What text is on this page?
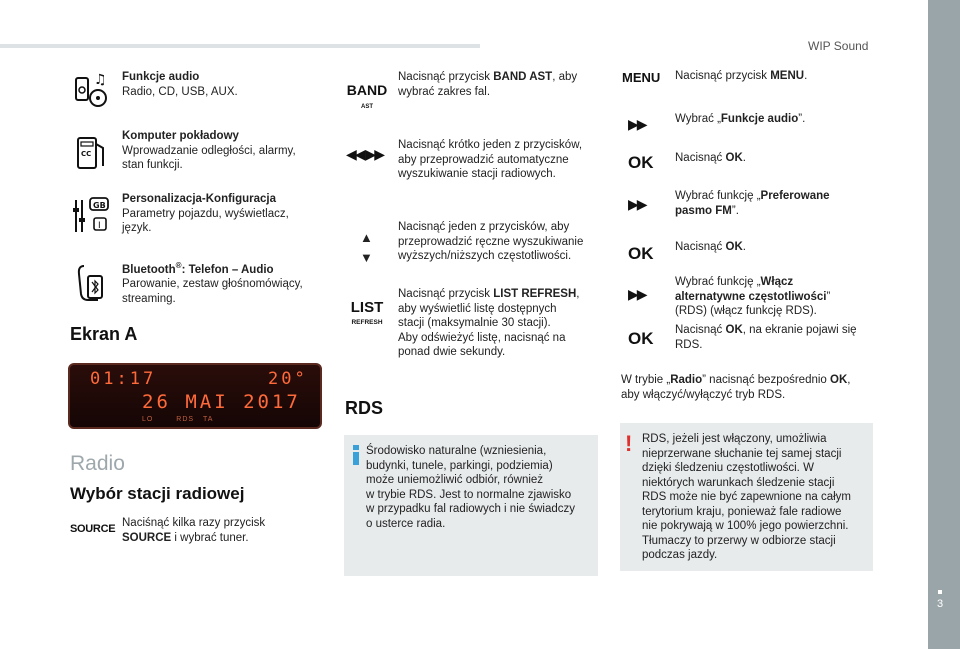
WIP Sound
3
♫ Funkcje audio
Radio, CD, USB, AUX.
CC
Komputer pokładowy
Wprowadzanie odległości, alarmy,
stan funkcji.
GB
I
Personalizacja-Konfiguracja
Parametry pojazdu, wyświetlacz,
język.
Bluetooth®: Telefon – Audio
Parowanie, zestaw głośnomówiący,
streaming.
Ekran A
01:17	20°
26 MAI 2017
LO	RDS TA
Radio
Wybór stacji radiowej
SOURCE Naciśnąć kilka razy przycisk
SOURCE i wybrać tuner.
BAND
AST
Nacisnąć przycisk BAND AST, aby
wybrać zakres fal.
◀◀ ▶▶
Nacisnąć krótko jeden z przycisków,
aby przeprowadzić automatyczne
wyszukiwanie stacji radiowych.
▲
▼
Nacisnąć jeden z przycisków, aby
przeprowadzić ręczne wyszukiwanie
wyższych/niższych częstotliwości.
LIST
REFRESH
Nacisnąć przycisk LIST REFRESH,
aby wyświetlić listę dostępnych
stacji (maksymalnie 30 stacji).
Aby odświeżyć listę, nacisnąć na
ponad dwie sekundy.
RDS
Środowisko naturalne (wzniesienia,
budynki, tunele, parkingi, podziemia)
może uniemożliwić odbiór, również
w trybie RDS. Jest to normalne zjawisko
w przypadku fal radiowych i nie świadczy
o usterce radia.
MENU Nacisnąć przycisk MENU.
▶▶	Wybrać „Funkcje audio”.
OK Nacisnąć OK.
▶▶	Wybrać funkcję „Preferowane
pasmo FM”.
OK Nacisnąć OK.
▶▶
Wybrać funkcję „Włącz
alternatywne częstotliwości”
(RDS) (włącz funkcję RDS).
OK Nacisnąć OK, na ekranie pojawi się
RDS.
W trybie „Radio” nacisnąć bezpośrednio OK,
aby włączyć/wyłączyć tryb RDS.
! RDS, jeżeli jest włączony, umożliwia
nieprzerwane słuchanie tej samej stacji
dzięki śledzeniu częstotliwości. W
niektórych warunkach śledzenie stacji
RDS może nie być zapewnione na całym
terytorium kraju, ponieważ fale radiowe
nie pokrywają w 100% jego powierzchni.
Tłumaczy to przerwy w odbiorze stacji
podczas jazdy.
